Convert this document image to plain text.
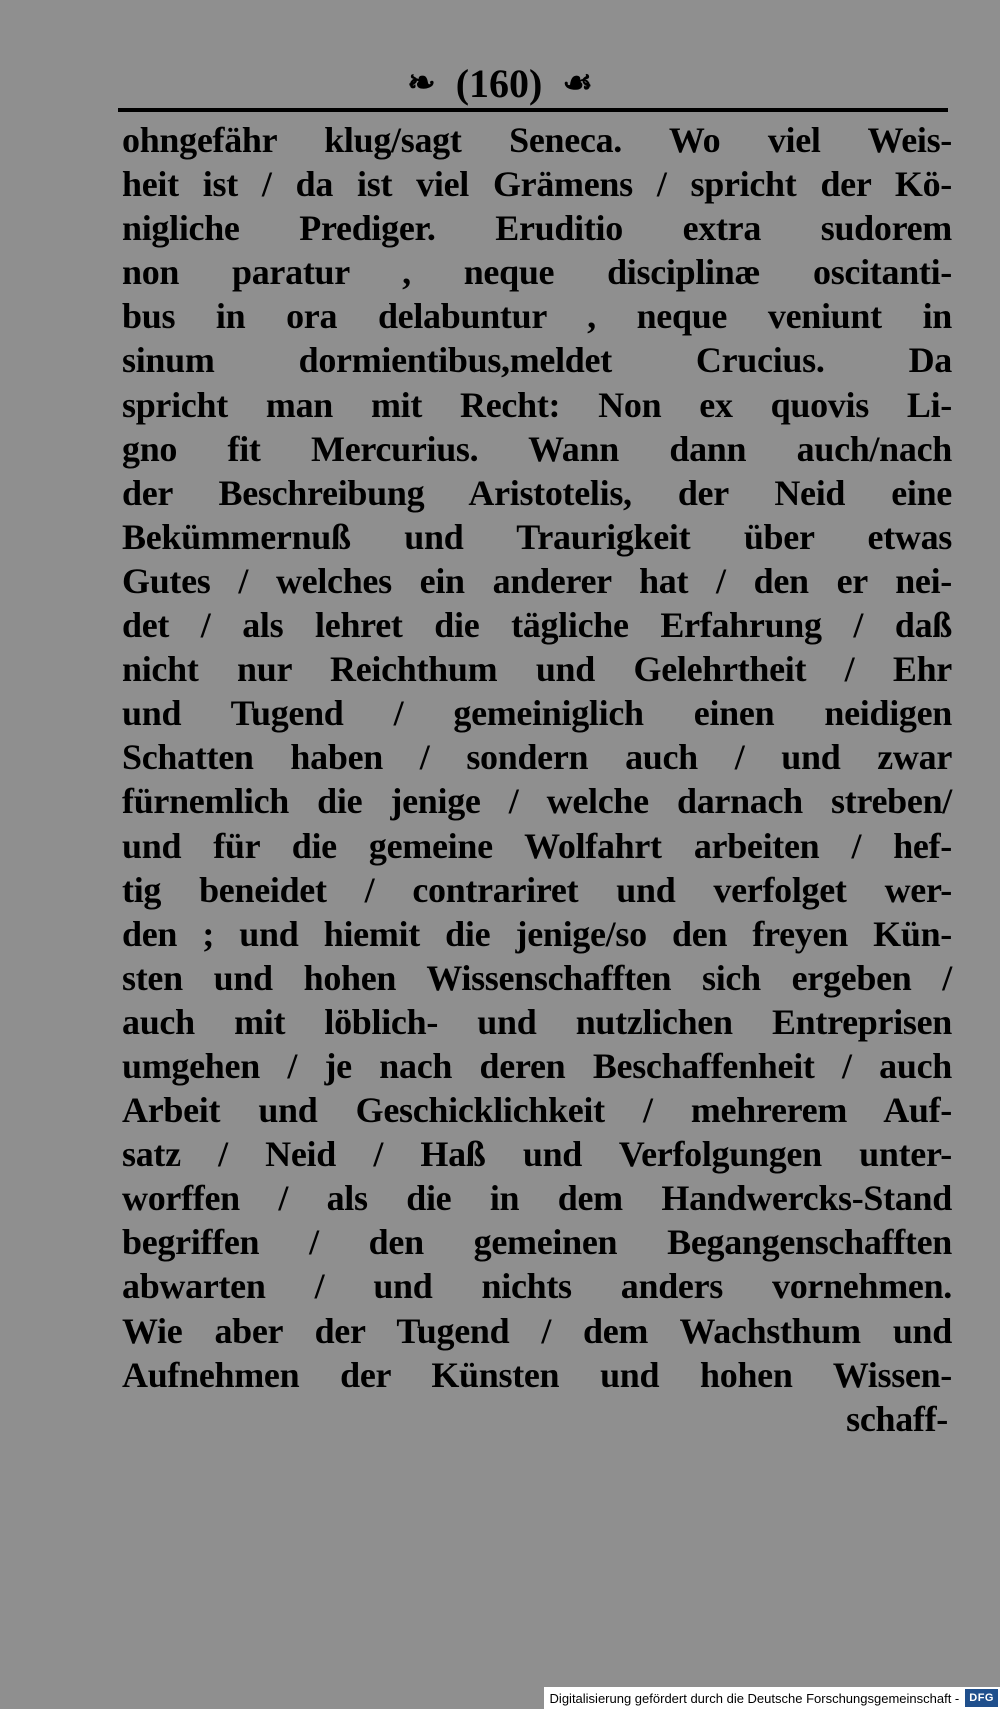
❧ (160) ☙
ohngefähr klug/sagt Seneca. Wo viel Weis-
heit ist / da ist viel Grämens / spricht der Kö-
nigliche Prediger. Eruditio extra sudorem
non paratur , neque disciplinæ oscitanti-
bus in ora delabuntur , neque veniunt in
sinum dormientibus,meldet Crucius. Da
spricht man mit Recht: Non ex quovis Li-
gno fit Mercurius. Wann dann auch/nach
der Beschreibung Aristotelis, der Neid eine
Bekümmernuß und Traurigkeit über etwas
Gutes / welches ein anderer hat / den er nei-
det / als lehret die tägliche Erfahrung / daß
nicht nur Reichthum und Gelehrtheit / Ehr
und Tugend / gemeiniglich einen neidigen
Schatten haben / sondern auch / und zwar
fürnemlich die jenige / welche darnach streben/
und für die gemeine Wolfahrt arbeiten / hef-
tig beneidet / contrariret und verfolget wer-
den ; und hiemit die jenige/so den freyen Kün-
sten und hohen Wissenschafften sich ergeben /
auch mit löblich- und nutzlichen Entreprisen
umgehen / je nach deren Beschaffenheit / auch
Arbeit und Geschicklichkeit / mehrerem Auf-
satz / Neid / Haß und Verfolgungen unter-
worffen / als die in dem Handwercks-Stand
begriffen / den gemeinen Begangenschafften
abwarten / und nichts anders vornehmen.
Wie aber der Tugend / dem Wachsthum und
Aufnehmen der Künsten und hohen Wissen-
schaff-
Digitalisierung gefördert durch die Deutsche Forschungsgemeinschaft - DFG
